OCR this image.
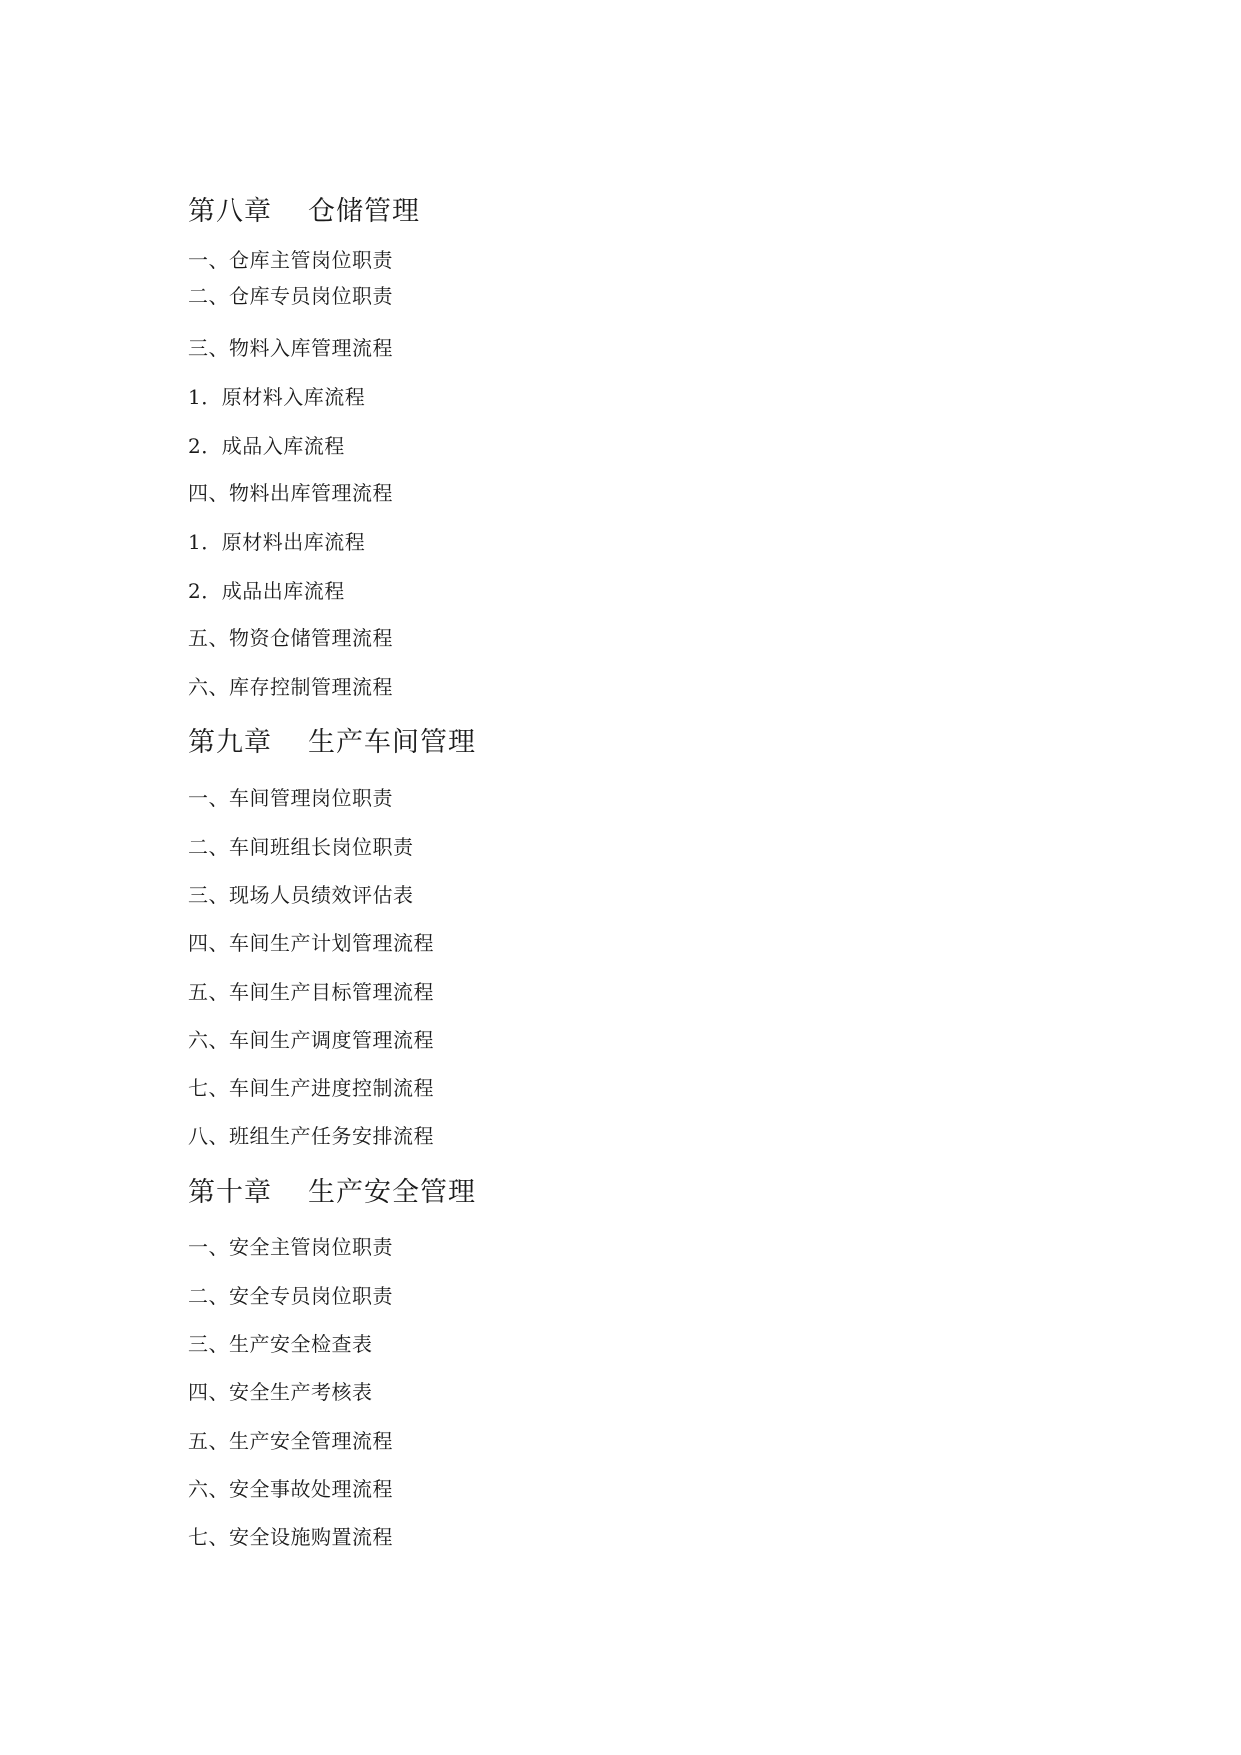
第八章 仓储管理
一、仓库主管岗位职责
二、仓库专员岗位职责
三、物料入库管理流程
1．原材料入库流程
2．成品入库流程
四、物料出库管理流程
1．原材料出库流程
2．成品出库流程
五、物资仓储管理流程
六、库存控制管理流程
第九章 生产车间管理
一、车间管理岗位职责
二、车间班组长岗位职责
三、现场人员绩效评估表
四、车间生产计划管理流程
五、车间生产目标管理流程
六、车间生产调度管理流程
七、车间生产进度控制流程
八、班组生产任务安排流程
第十章 生产安全管理
一、安全主管岗位职责
二、安全专员岗位职责
三、生产安全检查表
四、安全生产考核表
五、生产安全管理流程
六、安全事故处理流程
七、安全设施购置流程
